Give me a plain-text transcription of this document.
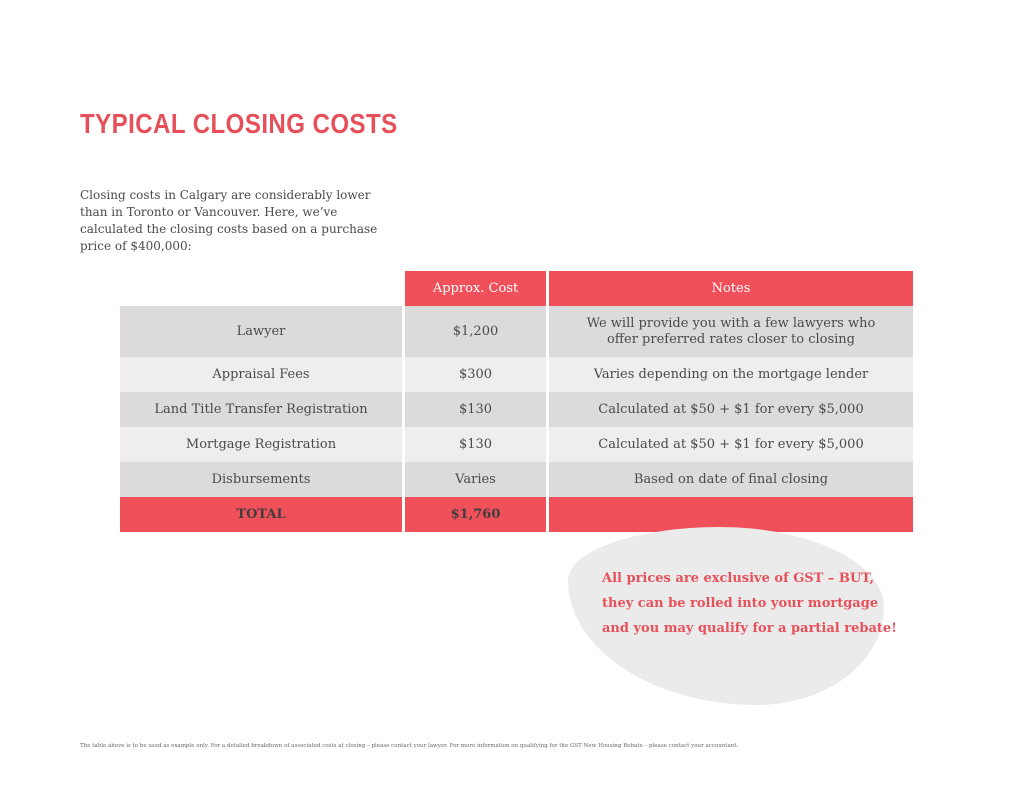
TYPICAL CLOSING COSTS

Closing costs in Calgary are considerably lower than in Toronto or Vancouver. Here, we’ve calculated the closing costs based on a purchase price of $400,000:

	Approx. Cost	Notes
Lawyer	$1,200	We will provide you with a few lawyers who
offer preferred rates closer to closing
Appraisal Fees	$300	Varies depending on the mortgage lender
Land Title Transfer Registration	$130	Calculated at $50 + $1 for every $5,000
Mortgage Registration	$130	Calculated at $50 + $1 for every $5,000
Disbursements	Varies	Based on date of final closing
TOTAL	$1,760	

All prices are exclusive of GST – BUT,
they can be rolled into your mortgage
and you may qualify for a partial rebate!

The table above is to be used as example only. For a detailed breakdown of associated costs at closing – please contact your lawyer. For more information on qualifying for the GST New Housing Rebate – please contact your accountant.
